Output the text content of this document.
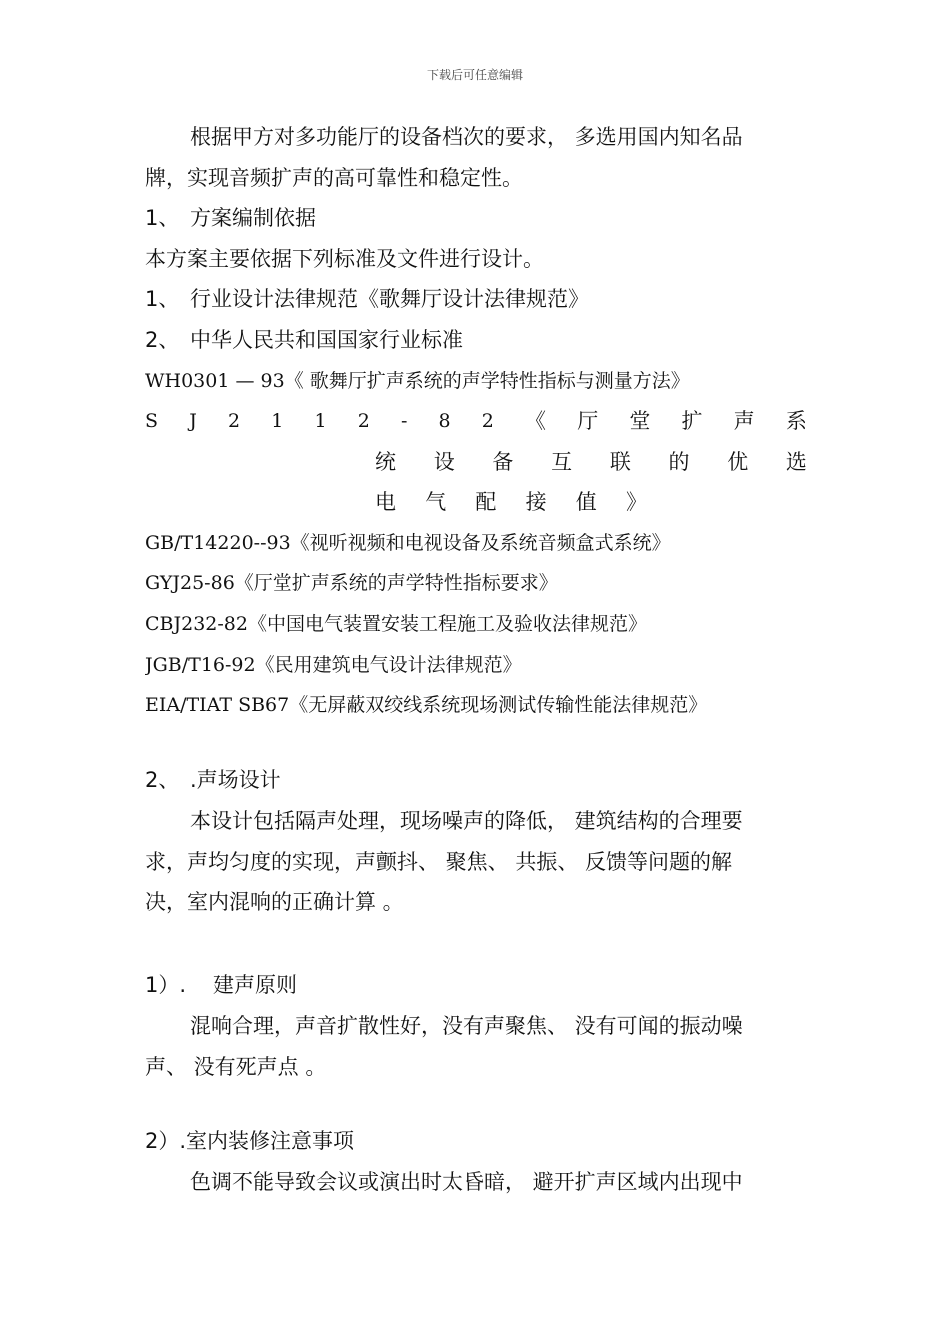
下载后可任意编辑
根据甲方对多功能厅的设备档次的要求， 多选用国内知名品
牌，实现音频扩声的高可靠性和稳定性。
1、 方案编制依据
本方案主要依据下列标准及文件进行设计。
1、 行业设计法律规范《歌舞厅设计法律规范》
2、 中华人民共和国国家行业标准
WH0301 — 93《 歌舞厅扩声系统的声学特性指标与测量方法》
S J 2 1 1 2 - 8 2 《 厅 堂 扩 声 系
统 设 备 互 联 的 优 选
电 气 配 接 值 》
GB/T14220--93《视听视频和电视设备及系统音频盒式系统》
GYJ25-86《厅堂扩声系统的声学特性指标要求》
CBJ232-82《中国电气装置安装工程施工及验收法律规范》
JGB/T16-92《民用建筑电气设计法律规范》
EIA/TIAT SB67《无屏蔽双绞线系统现场测试传输性能法律规范》
2、 .声场设计
本设计包括隔声处理，现场噪声的降低， 建筑结构的合理要
求，声均匀度的实现，声颤抖、 聚焦、 共振、 反馈等问题的解
决，室内混响的正确计算 。
1）. 建声原则
混响合理，声音扩散性好，没有声聚焦、 没有可闻的振动噪
声、 没有死声点 。
2）.室内装修注意事项
色调不能导致会议或演出时太昏暗， 避开扩声区域内出现中
